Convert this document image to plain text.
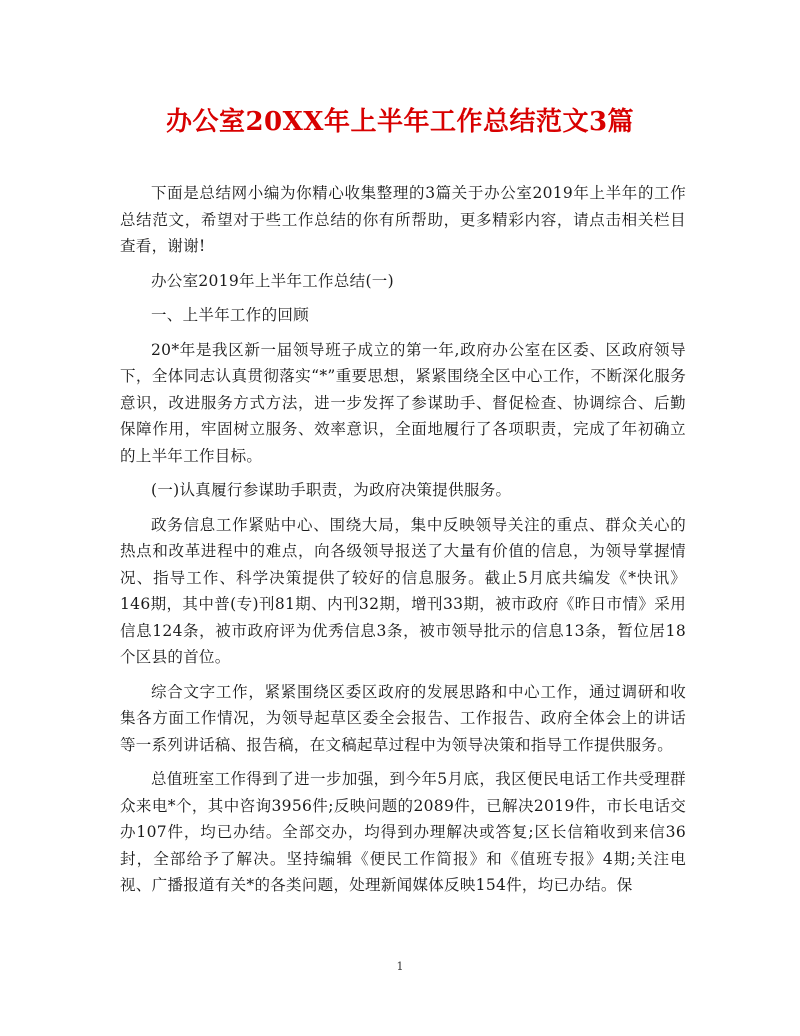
办公室20XX年上半年工作总结范文3篇

下面是总结网小编为你精心收集整理的3篇关于办公室2019年上半年的工作总结范文，希望对于些工作总结的你有所帮助，更多精彩内容，请点击相关栏目查看，谢谢!

办公室2019年上半年工作总结(一)

一、上半年工作的回顾

20*年是我区新一届领导班子成立的第一年,政府办公室在区委、区政府领导下，全体同志认真贯彻落实“*”重要思想，紧紧围绕全区中心工作，不断深化服务意识，改进服务方式方法，进一步发挥了参谋助手、督促检查、协调综合、后勤保障作用，牢固树立服务、效率意识，全面地履行了各项职责，完成了年初确立的上半年工作目标。

(一)认真履行参谋助手职责，为政府决策提供服务。

政务信息工作紧贴中心、围绕大局，集中反映领导关注的重点、群众关心的热点和改革进程中的难点，向各级领导报送了大量有价值的信息，为领导掌握情况、指导工作、科学决策提供了较好的信息服务。截止5月底共编发《*快讯》146期，其中普(专)刊81期、内刊32期，增刊33期，被市政府《昨日市情》采用信息124条，被市政府评为优秀信息3条，被市领导批示的信息13条，暂位居18个区县的首位。

综合文字工作，紧紧围绕区委区政府的发展思路和中心工作，通过调研和收集各方面工作情况，为领导起草区委全会报告、工作报告、政府全体会上的讲话等一系列讲话稿、报告稿，在文稿起草过程中为领导决策和指导工作提供服务。

总值班室工作得到了进一步加强，到今年5月底，我区便民电话工作共受理群众来电*个，其中咨询3956件;反映问题的2089件，已解决2019件，市长电话交办107件，均已办结。全部交办，均得到办理解决或答复;区长信箱收到来信36封，全部给予了解决。坚持编辑《便民工作简报》和《值班专报》4期;关注电视、广播报道有关*的各类问题，处理新闻媒体反映154件，均已办结。保

1
